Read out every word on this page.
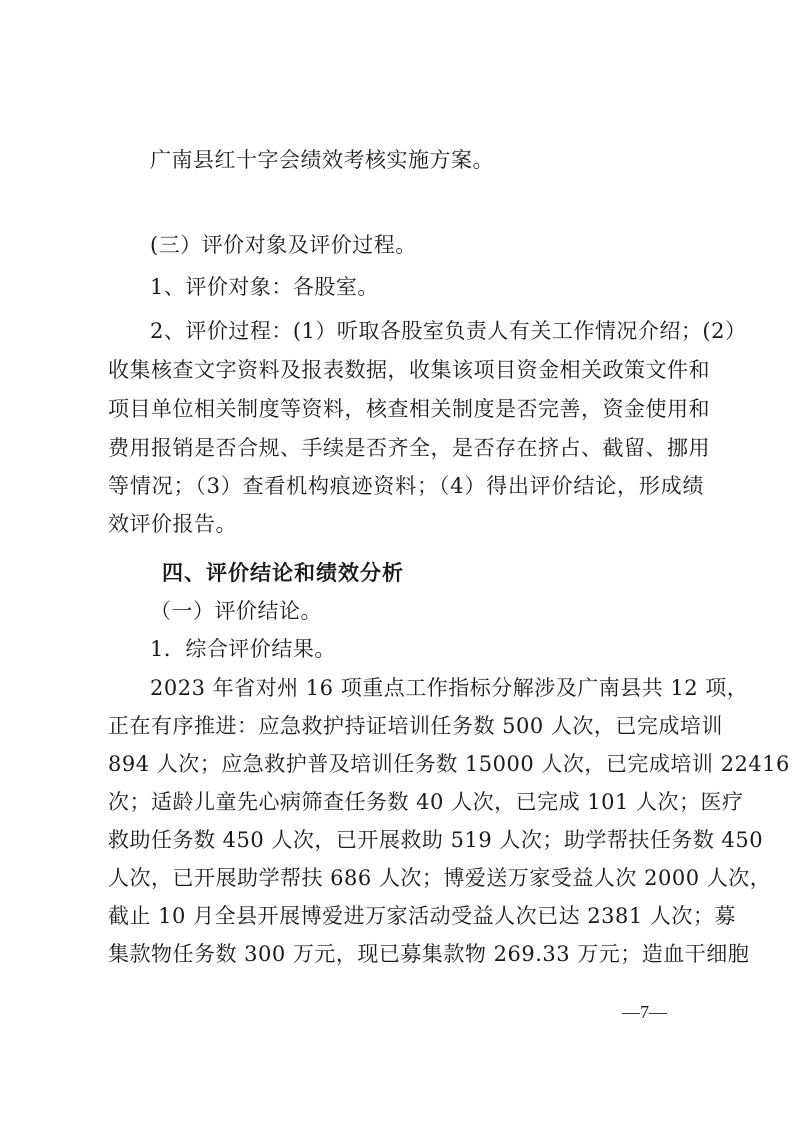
广南县红十字会绩效考核实施方案。
(三）评价对象及评价过程。
1、评价对象：各股室。
2、评价过程：(1）听取各股室负责人有关工作情况介绍；(2）
收集核查文字资料及报表数据，收集该项目资金相关政策文件和
项目单位相关制度等资料，核查相关制度是否完善，资金使用和
费用报销是否合规、手续是否齐全，是否存在挤占、截留、挪用
等情况；（3）查看机构痕迹资料；（4）得出评价结论，形成绩
效评价报告。
四、评价结论和绩效分析
（一）评价结论。
1．综合评价结果。
2023 年省对州 16 项重点工作指标分解涉及广南县共 12 项，
正在有序推进：应急救护持证培训任务数 500 人次，已完成培训
894 人次；应急救护普及培训任务数 15000 人次，已完成培训 22416
次；适龄儿童先心病筛查任务数 40 人次，已完成 101 人次；医疗
救助任务数 450 人次，已开展救助 519 人次；助学帮扶任务数 450
人次，已开展助学帮扶 686 人次；博爱送万家受益人次 2000 人次，
截止 10 月全县开展博爱进万家活动受益人次已达 2381 人次；募
集款物任务数 300 万元，现已募集款物 269.33 万元；造血干细胞
—7—
